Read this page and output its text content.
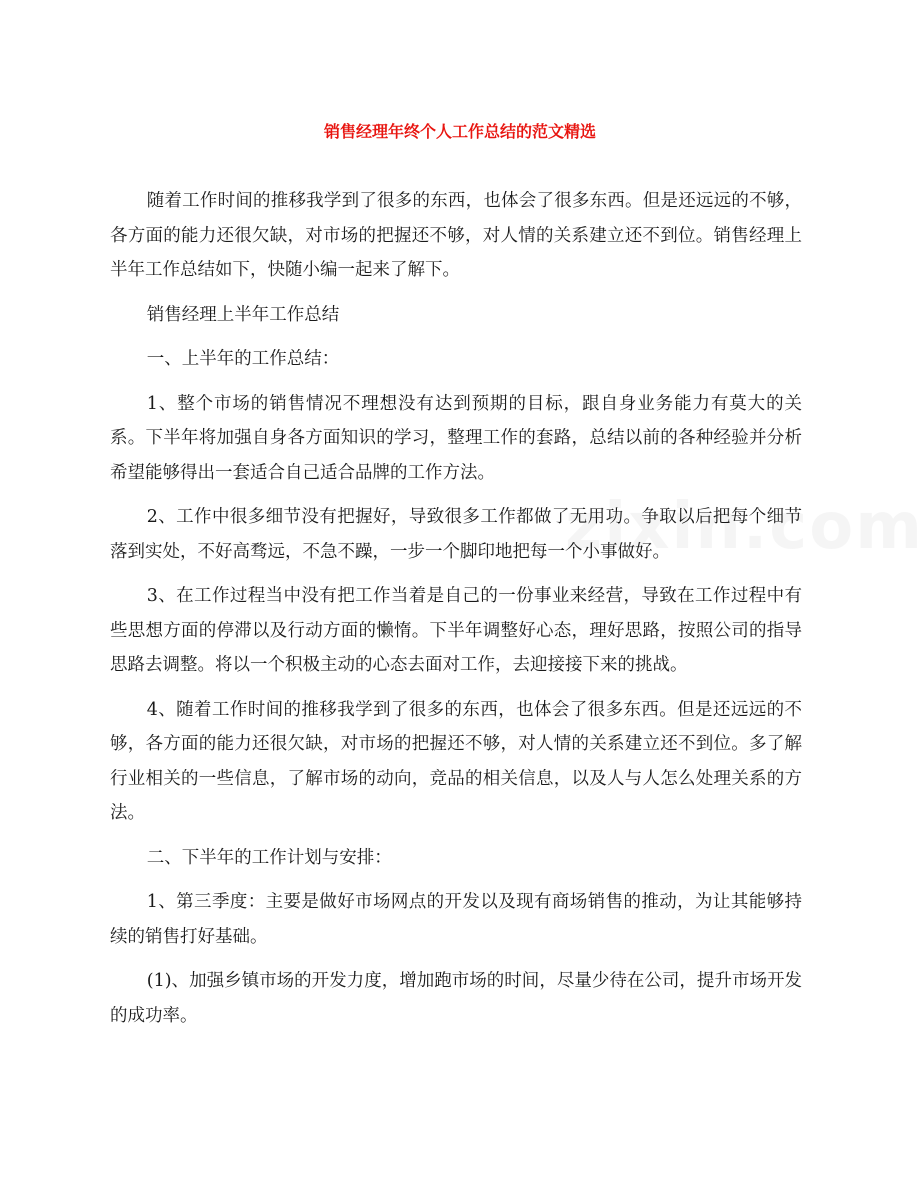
销售经理年终个人工作总结的范文精选

随着工作时间的推移我学到了很多的东西，也体会了很多东西。但是还远远的不够，各方面的能力还很欠缺，对市场的把握还不够，对人情的关系建立还不到位。销售经理上半年工作总结如下，快随小编一起来了解下。

销售经理上半年工作总结

一、上半年的工作总结：

1、整个市场的销售情况不理想没有达到预期的目标，跟自身业务能力有莫大的关系。下半年将加强自身各方面知识的学习，整理工作的套路，总结以前的各种经验并分析希望能够得出一套适合自己适合品牌的工作方法。

2、工作中很多细节没有把握好，导致很多工作都做了无用功。争取以后把每个细节落到实处，不好高骛远，不急不躁，一步一个脚印地把每一个小事做好。

3、在工作过程当中没有把工作当着是自己的一份事业来经营，导致在工作过程中有些思想方面的停滞以及行动方面的懒惰。下半年调整好心态，理好思路，按照公司的指导思路去调整。将以一个积极主动的心态去面对工作，去迎接接下来的挑战。

4、随着工作时间的推移我学到了很多的东西，也体会了很多东西。但是还远远的不够，各方面的能力还很欠缺，对市场的把握还不够，对人情的关系建立还不到位。多了解行业相关的一些信息，了解市场的动向，竞品的相关信息，以及人与人怎么处理关系的方法。

二、下半年的工作计划与安排：

1、第三季度：主要是做好市场网点的开发以及现有商场销售的推动，为让其能够持续的销售打好基础。

(1)、加强乡镇市场的开发力度，增加跑市场的时间，尽量少待在公司，提升市场开发的成功率。
